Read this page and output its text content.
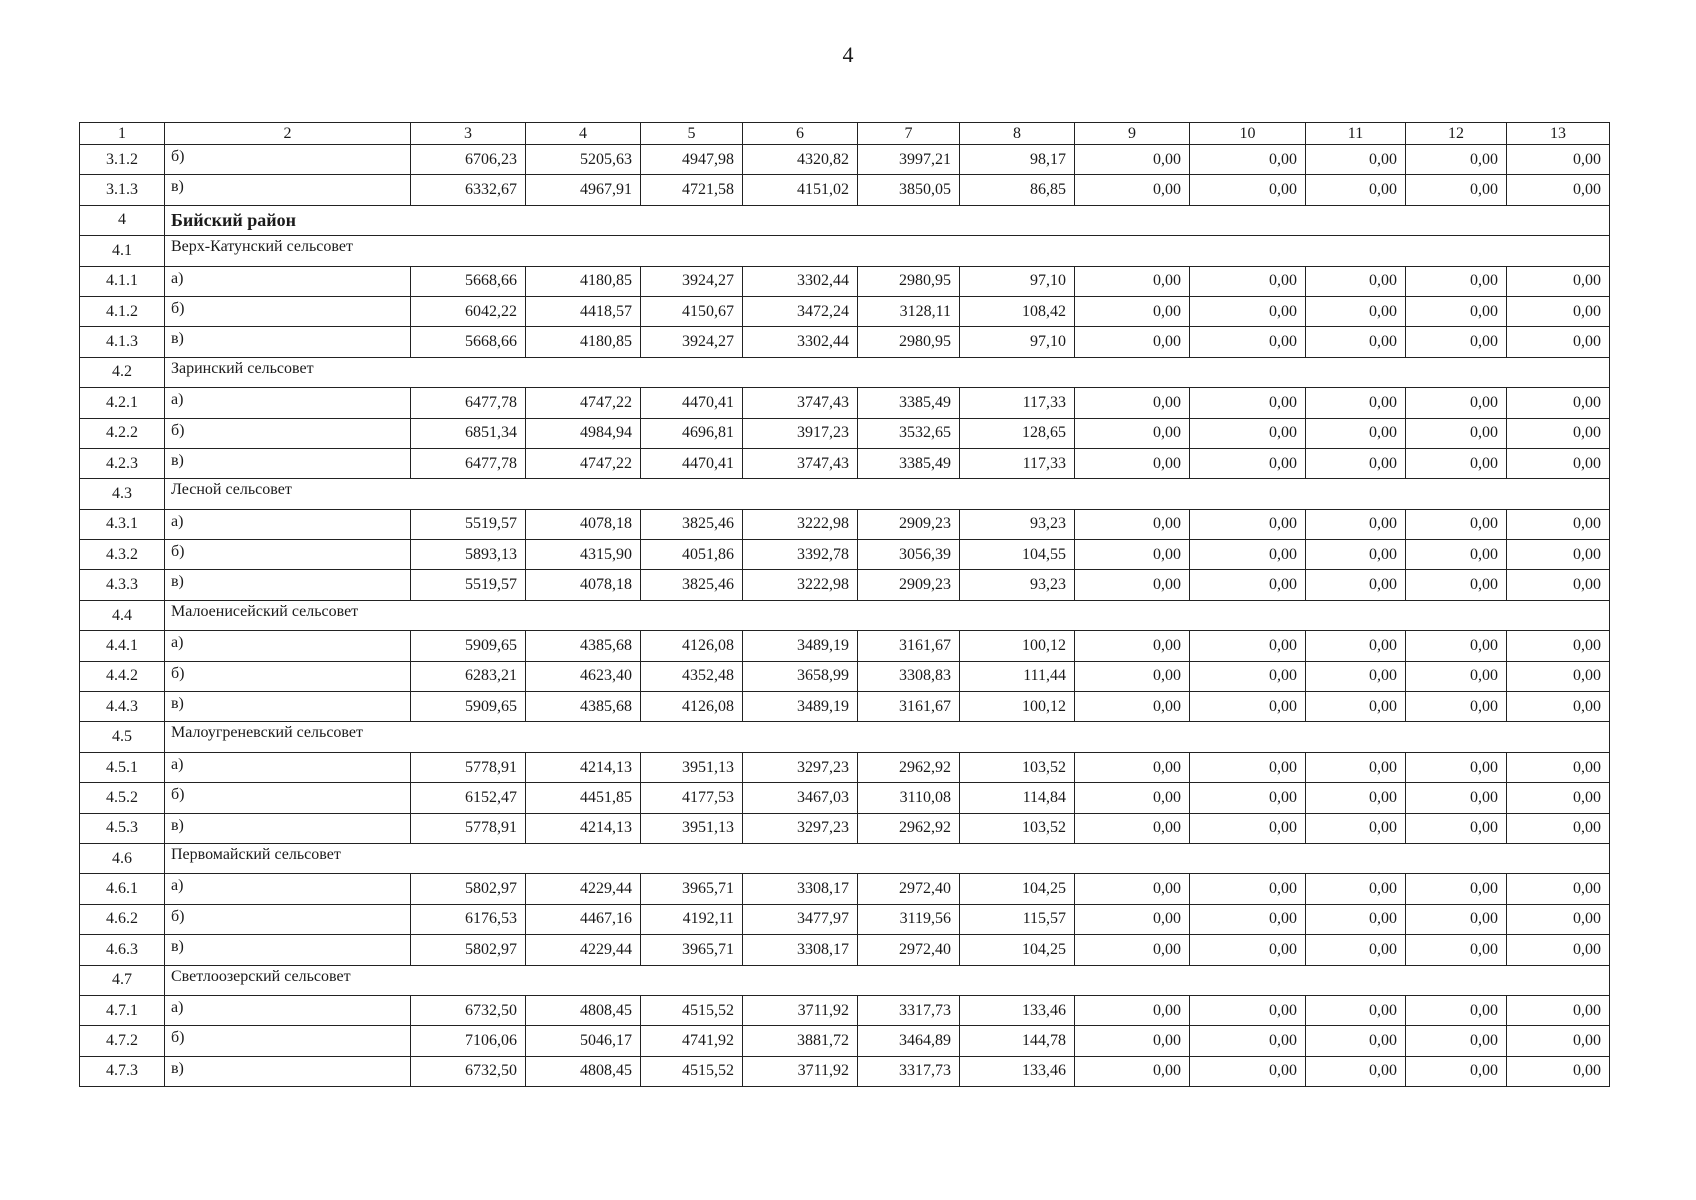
4
1	2	3	4	5	6	7	8	9	10	11	12	13
3.1.2	б)	6706,23	5205,63	4947,98	4320,82	3997,21	98,17	0,00	0,00	0,00	0,00	0,00
3.1.3	в)	6332,67	4967,91	4721,58	4151,02	3850,05	86,85	0,00	0,00	0,00	0,00	0,00
4	Бийский район											
4.1	Верх-Катунский сельсовет											
4.1.1	а)	5668,66	4180,85	3924,27	3302,44	2980,95	97,10	0,00	0,00	0,00	0,00	0,00
4.1.2	б)	6042,22	4418,57	4150,67	3472,24	3128,11	108,42	0,00	0,00	0,00	0,00	0,00
4.1.3	в)	5668,66	4180,85	3924,27	3302,44	2980,95	97,10	0,00	0,00	0,00	0,00	0,00
4.2	Заринский сельсовет											
4.2.1	а)	6477,78	4747,22	4470,41	3747,43	3385,49	117,33	0,00	0,00	0,00	0,00	0,00
4.2.2	б)	6851,34	4984,94	4696,81	3917,23	3532,65	128,65	0,00	0,00	0,00	0,00	0,00
4.2.3	в)	6477,78	4747,22	4470,41	3747,43	3385,49	117,33	0,00	0,00	0,00	0,00	0,00
4.3	Лесной сельсовет											
4.3.1	а)	5519,57	4078,18	3825,46	3222,98	2909,23	93,23	0,00	0,00	0,00	0,00	0,00
4.3.2	б)	5893,13	4315,90	4051,86	3392,78	3056,39	104,55	0,00	0,00	0,00	0,00	0,00
4.3.3	в)	5519,57	4078,18	3825,46	3222,98	2909,23	93,23	0,00	0,00	0,00	0,00	0,00
4.4	Малоенисейский сельсовет											
4.4.1	а)	5909,65	4385,68	4126,08	3489,19	3161,67	100,12	0,00	0,00	0,00	0,00	0,00
4.4.2	б)	6283,21	4623,40	4352,48	3658,99	3308,83	111,44	0,00	0,00	0,00	0,00	0,00
4.4.3	в)	5909,65	4385,68	4126,08	3489,19	3161,67	100,12	0,00	0,00	0,00	0,00	0,00
4.5	Малоугреневский сельсовет											
4.5.1	а)	5778,91	4214,13	3951,13	3297,23	2962,92	103,52	0,00	0,00	0,00	0,00	0,00
4.5.2	б)	6152,47	4451,85	4177,53	3467,03	3110,08	114,84	0,00	0,00	0,00	0,00	0,00
4.5.3	в)	5778,91	4214,13	3951,13	3297,23	2962,92	103,52	0,00	0,00	0,00	0,00	0,00
4.6	Первомайский сельсовет											
4.6.1	а)	5802,97	4229,44	3965,71	3308,17	2972,40	104,25	0,00	0,00	0,00	0,00	0,00
4.6.2	б)	6176,53	4467,16	4192,11	3477,97	3119,56	115,57	0,00	0,00	0,00	0,00	0,00
4.6.3	в)	5802,97	4229,44	3965,71	3308,17	2972,40	104,25	0,00	0,00	0,00	0,00	0,00
4.7	Светлоозерский сельсовет											
4.7.1	а)	6732,50	4808,45	4515,52	3711,92	3317,73	133,46	0,00	0,00	0,00	0,00	0,00
4.7.2	б)	7106,06	5046,17	4741,92	3881,72	3464,89	144,78	0,00	0,00	0,00	0,00	0,00
4.7.3	в)	6732,50	4808,45	4515,52	3711,92	3317,73	133,46	0,00	0,00	0,00	0,00	0,00
